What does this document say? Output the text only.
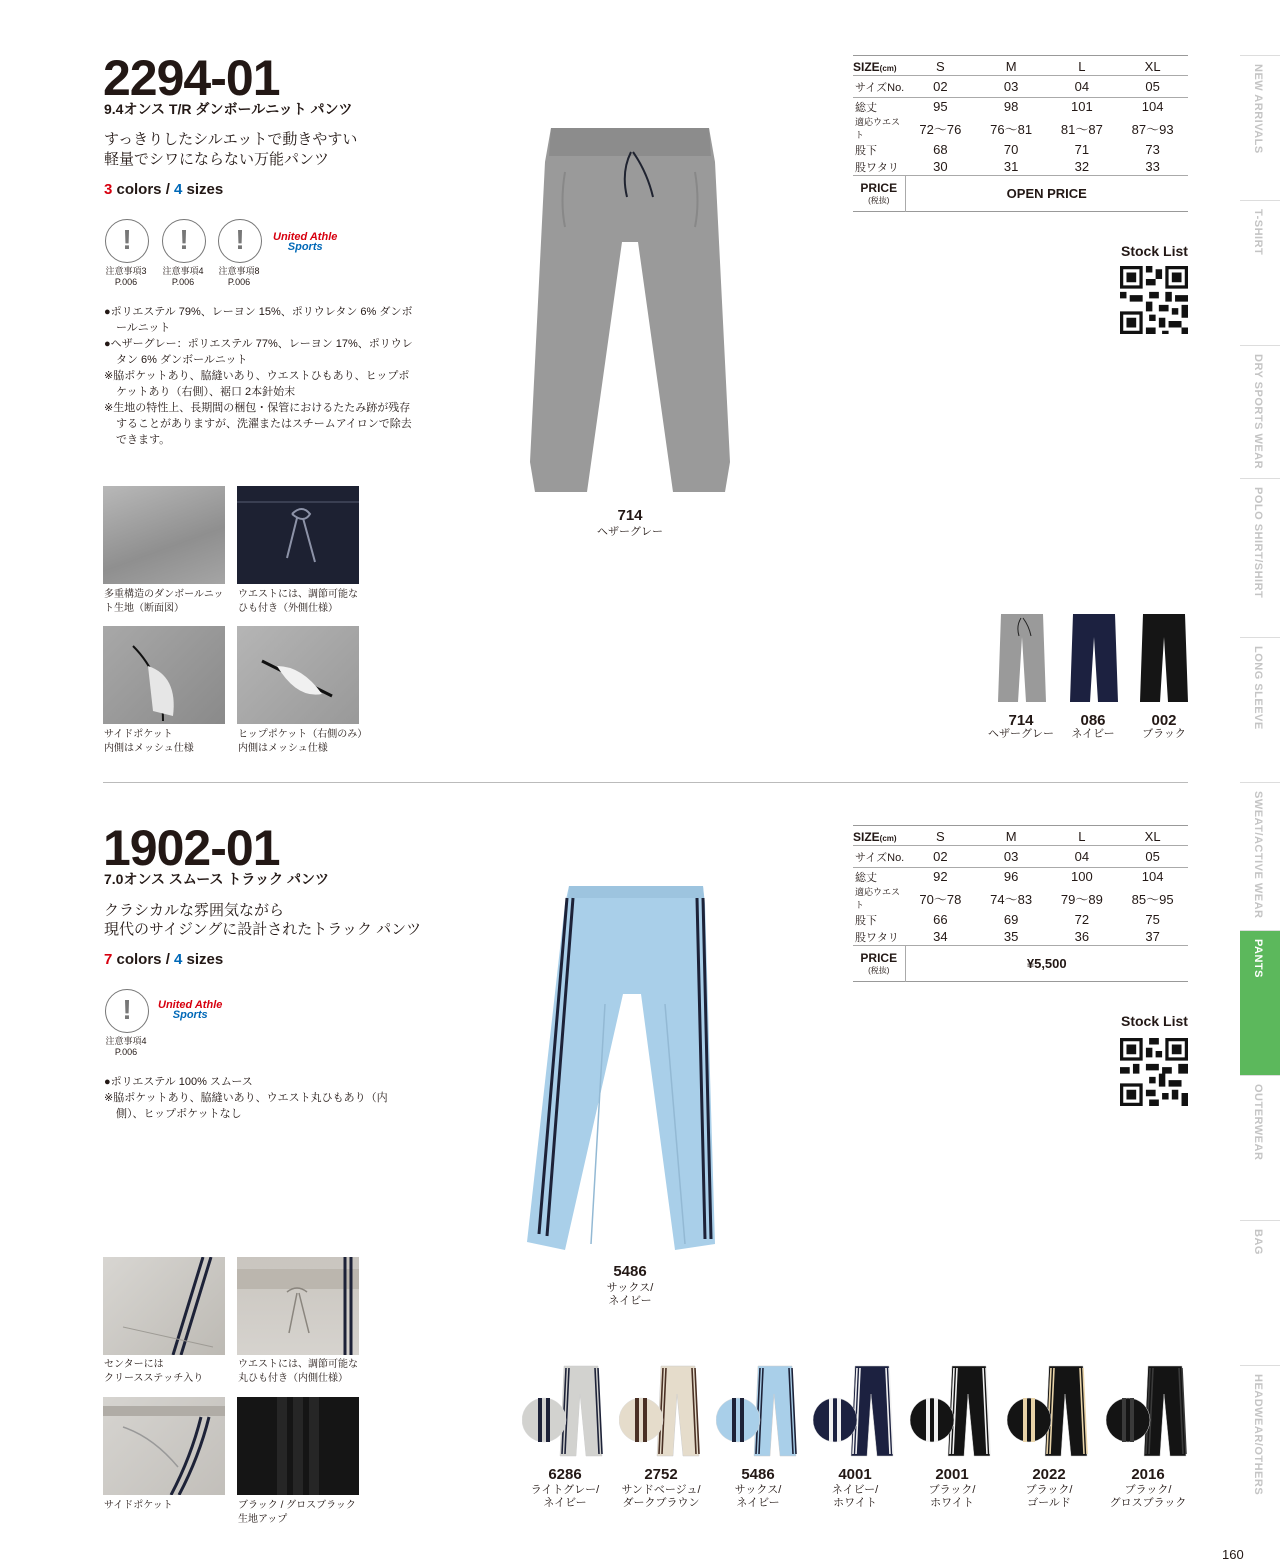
2294-01
9.4オンス T/R ダンボールニット パンツ
すっきりしたシルエットで動きやすい
軽量でシワにならない万能パンツ
3 colors / 4 sizes
!
!
!
注意事項3
P.006
注意事項4
P.006
注意事項8
P.006
United Athle
Sports
●ポリエステル 79%、レーヨン 15%、ポリウレタン 6% ダンボールニット
●ヘザーグレー：ポリエステル 77%、レーヨン 17%、ポリウレタン 6% ダンボールニット
※脇ポケットあり、脇縫いあり、ウエストひもあり、ヒップポケットあり（右側）、裾口 2本針始末
※生地の特性上、長期間の梱包・保管におけるたたみ跡が残存することがありますが、洗濯またはスチームアイロンで除去できます。
多重構造のダンボールニット生地（断面図）
ウエストには、調節可能なひも付き（外側仕様）
サイドポケット
内側はメッシュ仕様
ヒップポケット（右側のみ）
内側はメッシュ仕様
714
ヘザーグレー
SIZE(cm)	S	M	L	XL
サイズNo.	02	03	04	05
総丈	95	98	101	104
適応ウエスト	72〜76	76〜81	81〜87	87〜93
股下	68	70	71	73
股ワタリ	30	31	32	33

PRICE
(税抜)	OPEN PRICE			
Stock List
714
ヘザーグレー
086
ネイビー
002
ブラック
1902-01
7.0オンス スムース トラック パンツ
クラシカルな雰囲気ながら
現代のサイジングに設計されたトラック パンツ
7 colors / 4 sizes
!
注意事項4
P.006
United Athle
Sports
●ポリエステル 100% スムース
※脇ポケットあり、脇縫いあり、ウエスト丸ひもあり（内側）、ヒップポケットなし
センターには
クリースステッチ入り
ウエストには、調節可能な
丸ひも付き（内側仕様）
サイドポケット	ブラック / グロスブラック
生地アップ
5486
サックス/
ネイビー
SIZE(cm)	S	M	L	XL
サイズNo.	02	03	04	05
総丈	92	96	100	104
適応ウエスト	70〜78	74〜83	79〜89	85〜95
股下	66	69	72	75
股ワタリ	34	35	36	37

PRICE
(税抜)	¥5,500			
Stock List
6286
ライトグレー/
ネイビー
2752
サンドベージュ/
ダークブラウン
5486
サックス/
ネイビー
4001
ネイビー/
ホワイト
2001
ブラック/
ホワイト
2022
ブラック/
ゴールド
2016
ブラック/
グロスブラック
NEW ARRIVALS
T-SHIRT
DRY SPORTS WEAR
POLO SHIRT/SHIRT
LONG SLEEVE
SWEAT/ACTIVE WEAR
PANTS
OUTERWEAR
BAG
HEADWEAR/OTHERS
160
